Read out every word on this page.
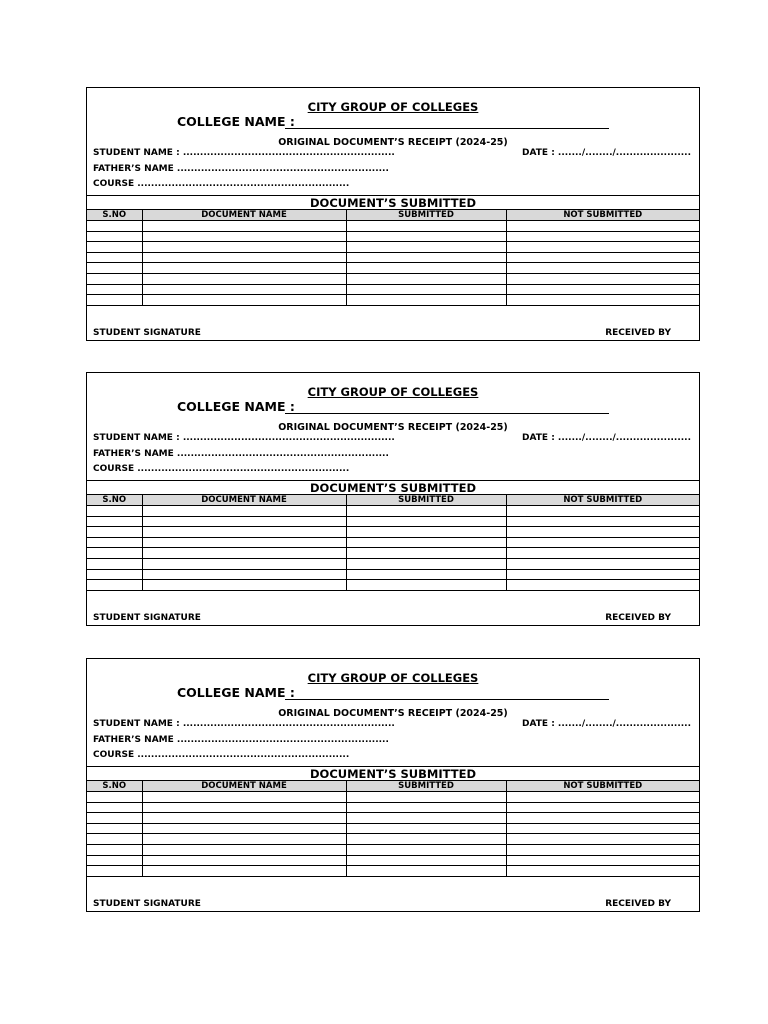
CITY GROUP OF COLLEGES
COLLEGE NAME :
ORIGINAL DOCUMENT’S RECEIPT (2024-25)
STUDENT NAME : ..............................................................	DATE : ......./......../......................
FATHER’S NAME ..............................................................
COURSE ..............................................................
DOCUMENT’S SUBMITTED
S.NO	DOCUMENT NAME	SUBMITTED	NOT SUBMITTED

STUDENT SIGNATURE	RECEIVED BY
CITY GROUP OF COLLEGES
COLLEGE NAME :
ORIGINAL DOCUMENT’S RECEIPT (2024-25)
STUDENT NAME : ..............................................................	DATE : ......./......../......................
FATHER’S NAME ..............................................................
COURSE ..............................................................
DOCUMENT’S SUBMITTED
S.NO	DOCUMENT NAME	SUBMITTED	NOT SUBMITTED

STUDENT SIGNATURE	RECEIVED BY
CITY GROUP OF COLLEGES
COLLEGE NAME :
ORIGINAL DOCUMENT’S RECEIPT (2024-25)
STUDENT NAME : ..............................................................	DATE : ......./......../......................
FATHER’S NAME ..............................................................
COURSE ..............................................................
DOCUMENT’S SUBMITTED
S.NO	DOCUMENT NAME	SUBMITTED	NOT SUBMITTED

STUDENT SIGNATURE	RECEIVED BY
